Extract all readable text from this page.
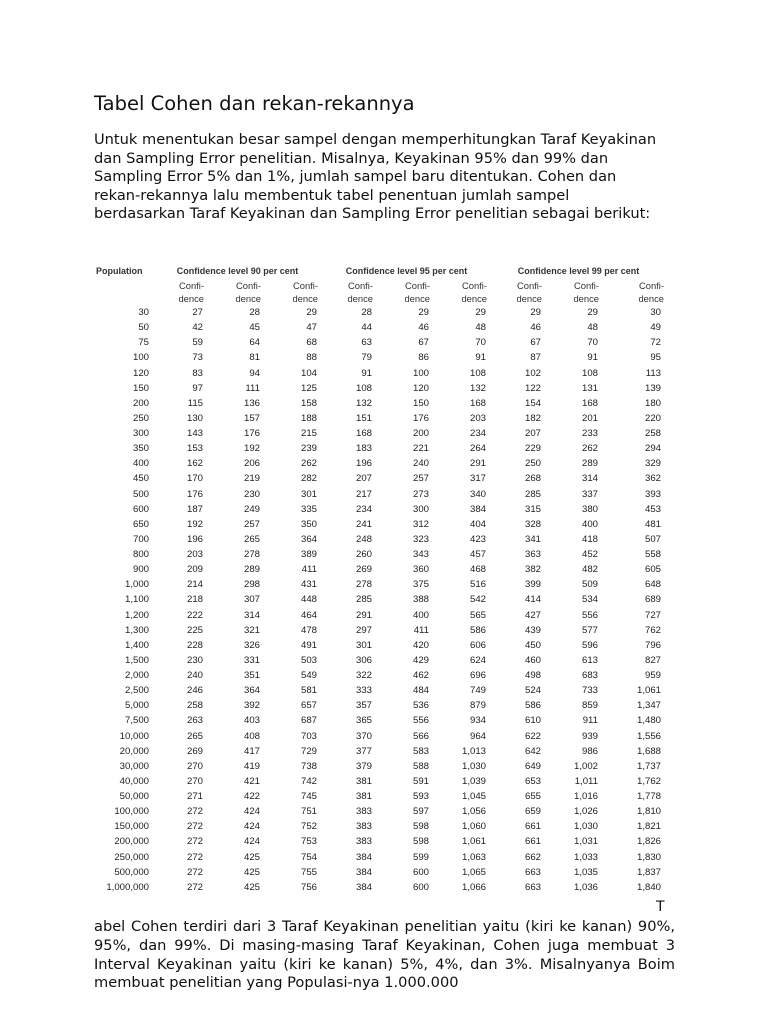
Tabel Cohen dan rekan-rekannya

Untuk menentukan besar sampel dengan memperhitungkan Taraf Keyakinan dan Sampling Error penelitian. Misalnya, Keyakinan 95% dan 99% dan Sampling Error 5% dan 1%, jumlah sampel baru ditentukan. Cohen dan rekan-rekannya lalu membentuk tabel penentuan jumlah sampel berdasarkan Taraf Keyakinan dan Sampling Error penelitian sebagai berikut:

Population	Confidence level 90 per cent			Confidence level 95 per cent			Confidence level 99 per cent		
	Confi-	Confi-	Confi-	Confi-	Confi-	Confi-	Confi-	Confi-	Confi-
	dence	dence	dence	dence	dence	dence	dence	dence	dence
30	27	28	29	28	29	29	29	29	30
50	42	45	47	44	46	48	46	48	49
75	59	64	68	63	67	70	67	70	72
100	73	81	88	79	86	91	87	91	95
120	83	94	104	91	100	108	102	108	113
150	97	111	125	108	120	132	122	131	139
200	115	136	158	132	150	168	154	168	180
250	130	157	188	151	176	203	182	201	220
300	143	176	215	168	200	234	207	233	258
350	153	192	239	183	221	264	229	262	294
400	162	206	262	196	240	291	250	289	329
450	170	219	282	207	257	317	268	314	362
500	176	230	301	217	273	340	285	337	393
600	187	249	335	234	300	384	315	380	453
650	192	257	350	241	312	404	328	400	481
700	196	265	364	248	323	423	341	418	507
800	203	278	389	260	343	457	363	452	558
900	209	289	411	269	360	468	382	482	605
1,000	214	298	431	278	375	516	399	509	648
1,100	218	307	448	285	388	542	414	534	689
1,200	222	314	464	291	400	565	427	556	727
1,300	225	321	478	297	411	586	439	577	762
1,400	228	326	491	301	420	606	450	596	796
1,500	230	331	503	306	429	624	460	613	827
2,000	240	351	549	322	462	696	498	683	959
2,500	246	364	581	333	484	749	524	733	1,061
5,000	258	392	657	357	536	879	586	859	1,347
7,500	263	403	687	365	556	934	610	911	1,480
10,000	265	408	703	370	566	964	622	939	1,556
20,000	269	417	729	377	583	1,013	642	986	1,688
30,000	270	419	738	379	588	1,030	649	1,002	1,737
40,000	270	421	742	381	591	1,039	653	1,011	1,762
50,000	271	422	745	381	593	1,045	655	1,016	1,778
100,000	272	424	751	383	597	1,056	659	1,026	1,810
150,000	272	424	752	383	598	1,060	661	1,030	1,821
200,000	272	424	753	383	598	1,061	661	1,031	1,826
250,000	272	425	754	384	599	1,063	662	1,033	1,830
500,000	272	425	755	384	600	1,065	663	1,035	1,837
1,000,000	272	425	756	384	600	1,066	663	1,036	1,840
T

abel Cohen terdiri dari 3 Taraf Keyakinan penelitian yaitu (kiri ke kanan) 90%, 95%, dan 99%. Di masing-masing Taraf Keyakinan, Cohen juga membuat 3 Interval Keyakinan yaitu (kiri ke kanan) 5%, 4%, dan 3%. Misalnyanya Boim membuat penelitian yang Populasi-nya 1.000.000
